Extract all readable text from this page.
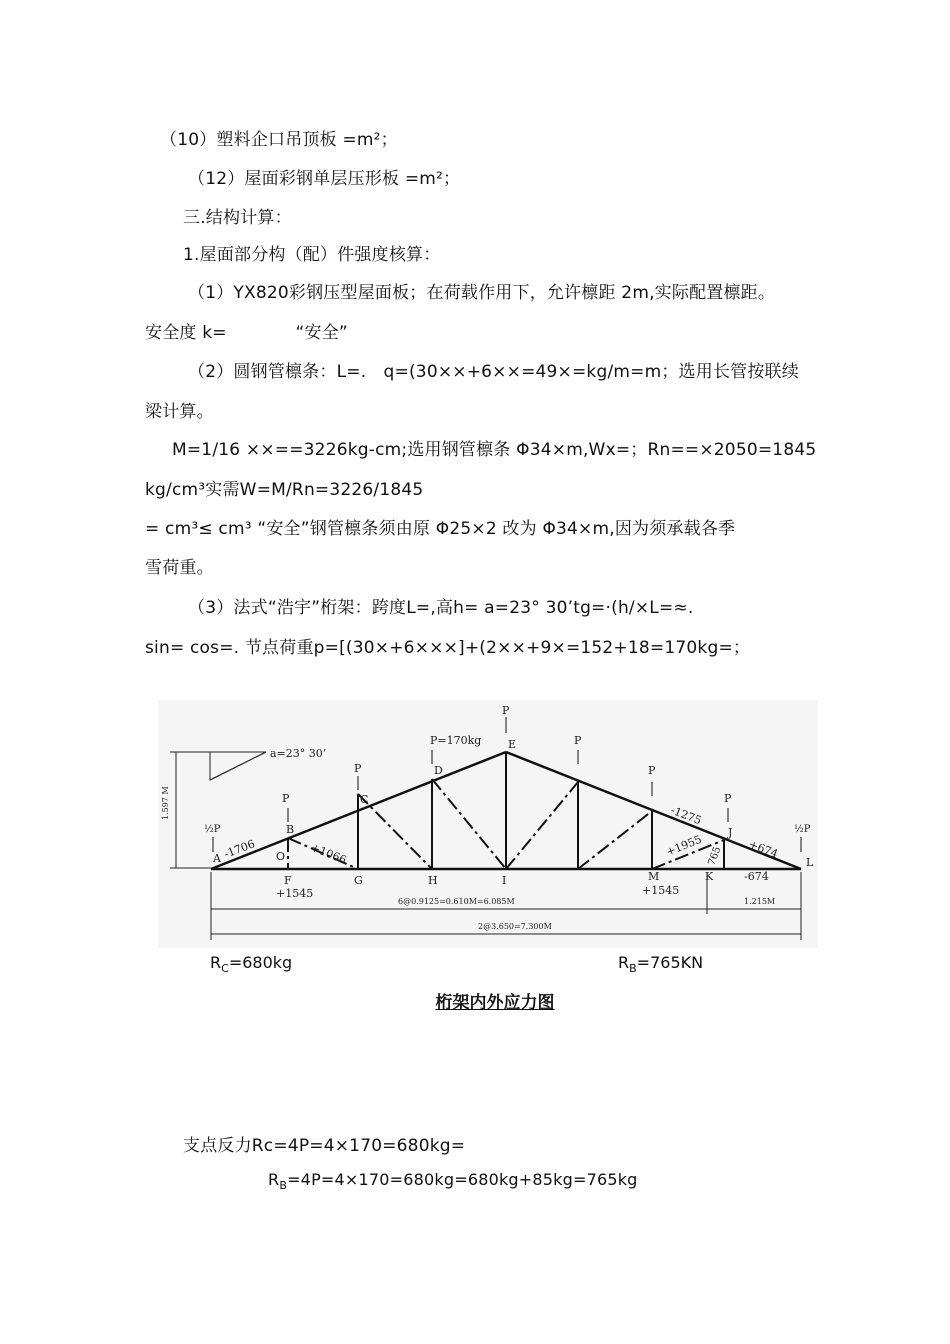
（10）塑料企口吊顶板 =m²；
（12）屋面彩钢单层压形板 =m²；
三.结构计算：
1.屋面部分构（配）件强度核算：
（1）YX820彩钢压型屋面板；在荷载作用下，允许檩距 2m,实际配置檩距。
安全度 k=　　　　“安全”
（2）圆钢管檩条：L=.　q=(30××+6××=49×=kg/m=m；选用长管按联续
梁计算。
M=1/16 ××==3226kg-cm;选用钢管檩条 Φ34×m,Wx=；Rn==×2050=1845
kg/cm³实需W=M/Rn=3226/1845
= cm³≤ cm³ “安全”钢管檩条须由原 Φ25×2 改为 Φ34×m,因为须承载各季
雪荷重。
（3）法式“浩宇”桁架：跨度L=,高h= a=23° 30’tg=·(h/×L=≈.
sin= cos=. 节点荷重p=[(30×+6×××]+(2××+9×=152+18=170kg=；
1.597 M
a=23° 30’
P
P
P=170kg
P
P
P
P
½P	½P
A
B
C
D
E
F	G	H	I	M	K
J
L
O
-1706	+1066
+1545	+1545
-1275
+1955 765 +674
-674
6@0.9125=0.610M=6.085M	1.215M
2@3.650=7.300M
$R_C=680kg$	$R_B=765KN$
桁架内外应力图
支点反力Rc=4P=4×170=680kg=
$R_B=4P=4\times 170=680kg=680kg+85kg=765kg$
